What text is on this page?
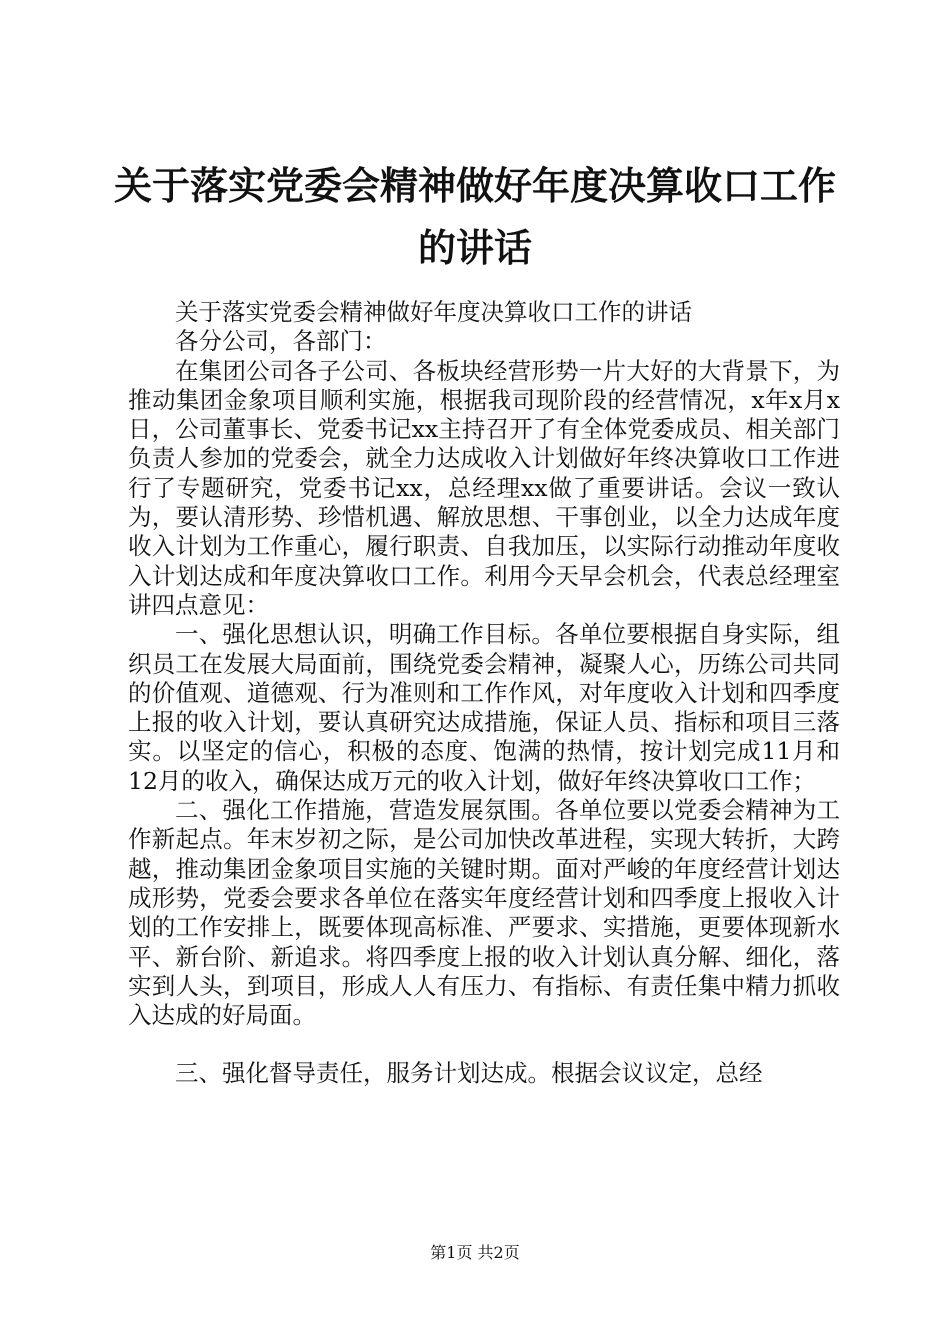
关于落实党委会精神做好年度决算收口工作的讲话

关于落实党委会精神做好年度决算收口工作的讲话

各分公司，各部门：

在集团公司各子公司、各板块经营形势一片大好的大背景下，为推动集团金象项目顺利实施，根据我司现阶段的经营情况，x年x月x日，公司董事长、党委书记xx主持召开了有全体党委成员、相关部门负责人参加的党委会，就全力达成收入计划做好年终决算收口工作进行了专题研究，党委书记xx，总经理xx做了重要讲话。会议一致认为，要认清形势、珍惜机遇、解放思想、干事创业，以全力达成年度收入计划为工作重心，履行职责、自我加压，以实际行动推动年度收入计划达成和年度决算收口工作。利用今天早会机会，代表总经理室讲四点意见：

一、强化思想认识，明确工作目标。各单位要根据自身实际，组织员工在发展大局面前，围绕党委会精神，凝聚人心，历练公司共同的价值观、道德观、行为准则和工作作风，对年度收入计划和四季度上报的收入计划，要认真研究达成措施，保证人员、指标和项目三落实。以坚定的信心，积极的态度、饱满的热情，按计划完成11月和12月的收入，确保达成万元的收入计划，做好年终决算收口工作；

二、强化工作措施，营造发展氛围。各单位要以党委会精神为工作新起点。年末岁初之际，是公司加快改革进程，实现大转折，大跨越，推动集团金象项目实施的关键时期。面对严峻的年度经营计划达成形势，党委会要求各单位在落实年度经营计划和四季度上报收入计划的工作安排上，既要体现高标准、严要求、实措施，更要体现新水平、新台阶、新追求。将四季度上报的收入计划认真分解、细化，落实到人头，到项目，形成人人有压力、有指标、有责任集中精力抓收入达成的好局面。

三、强化督导责任，服务计划达成。根据会议议定，总经

第1页 共2页
